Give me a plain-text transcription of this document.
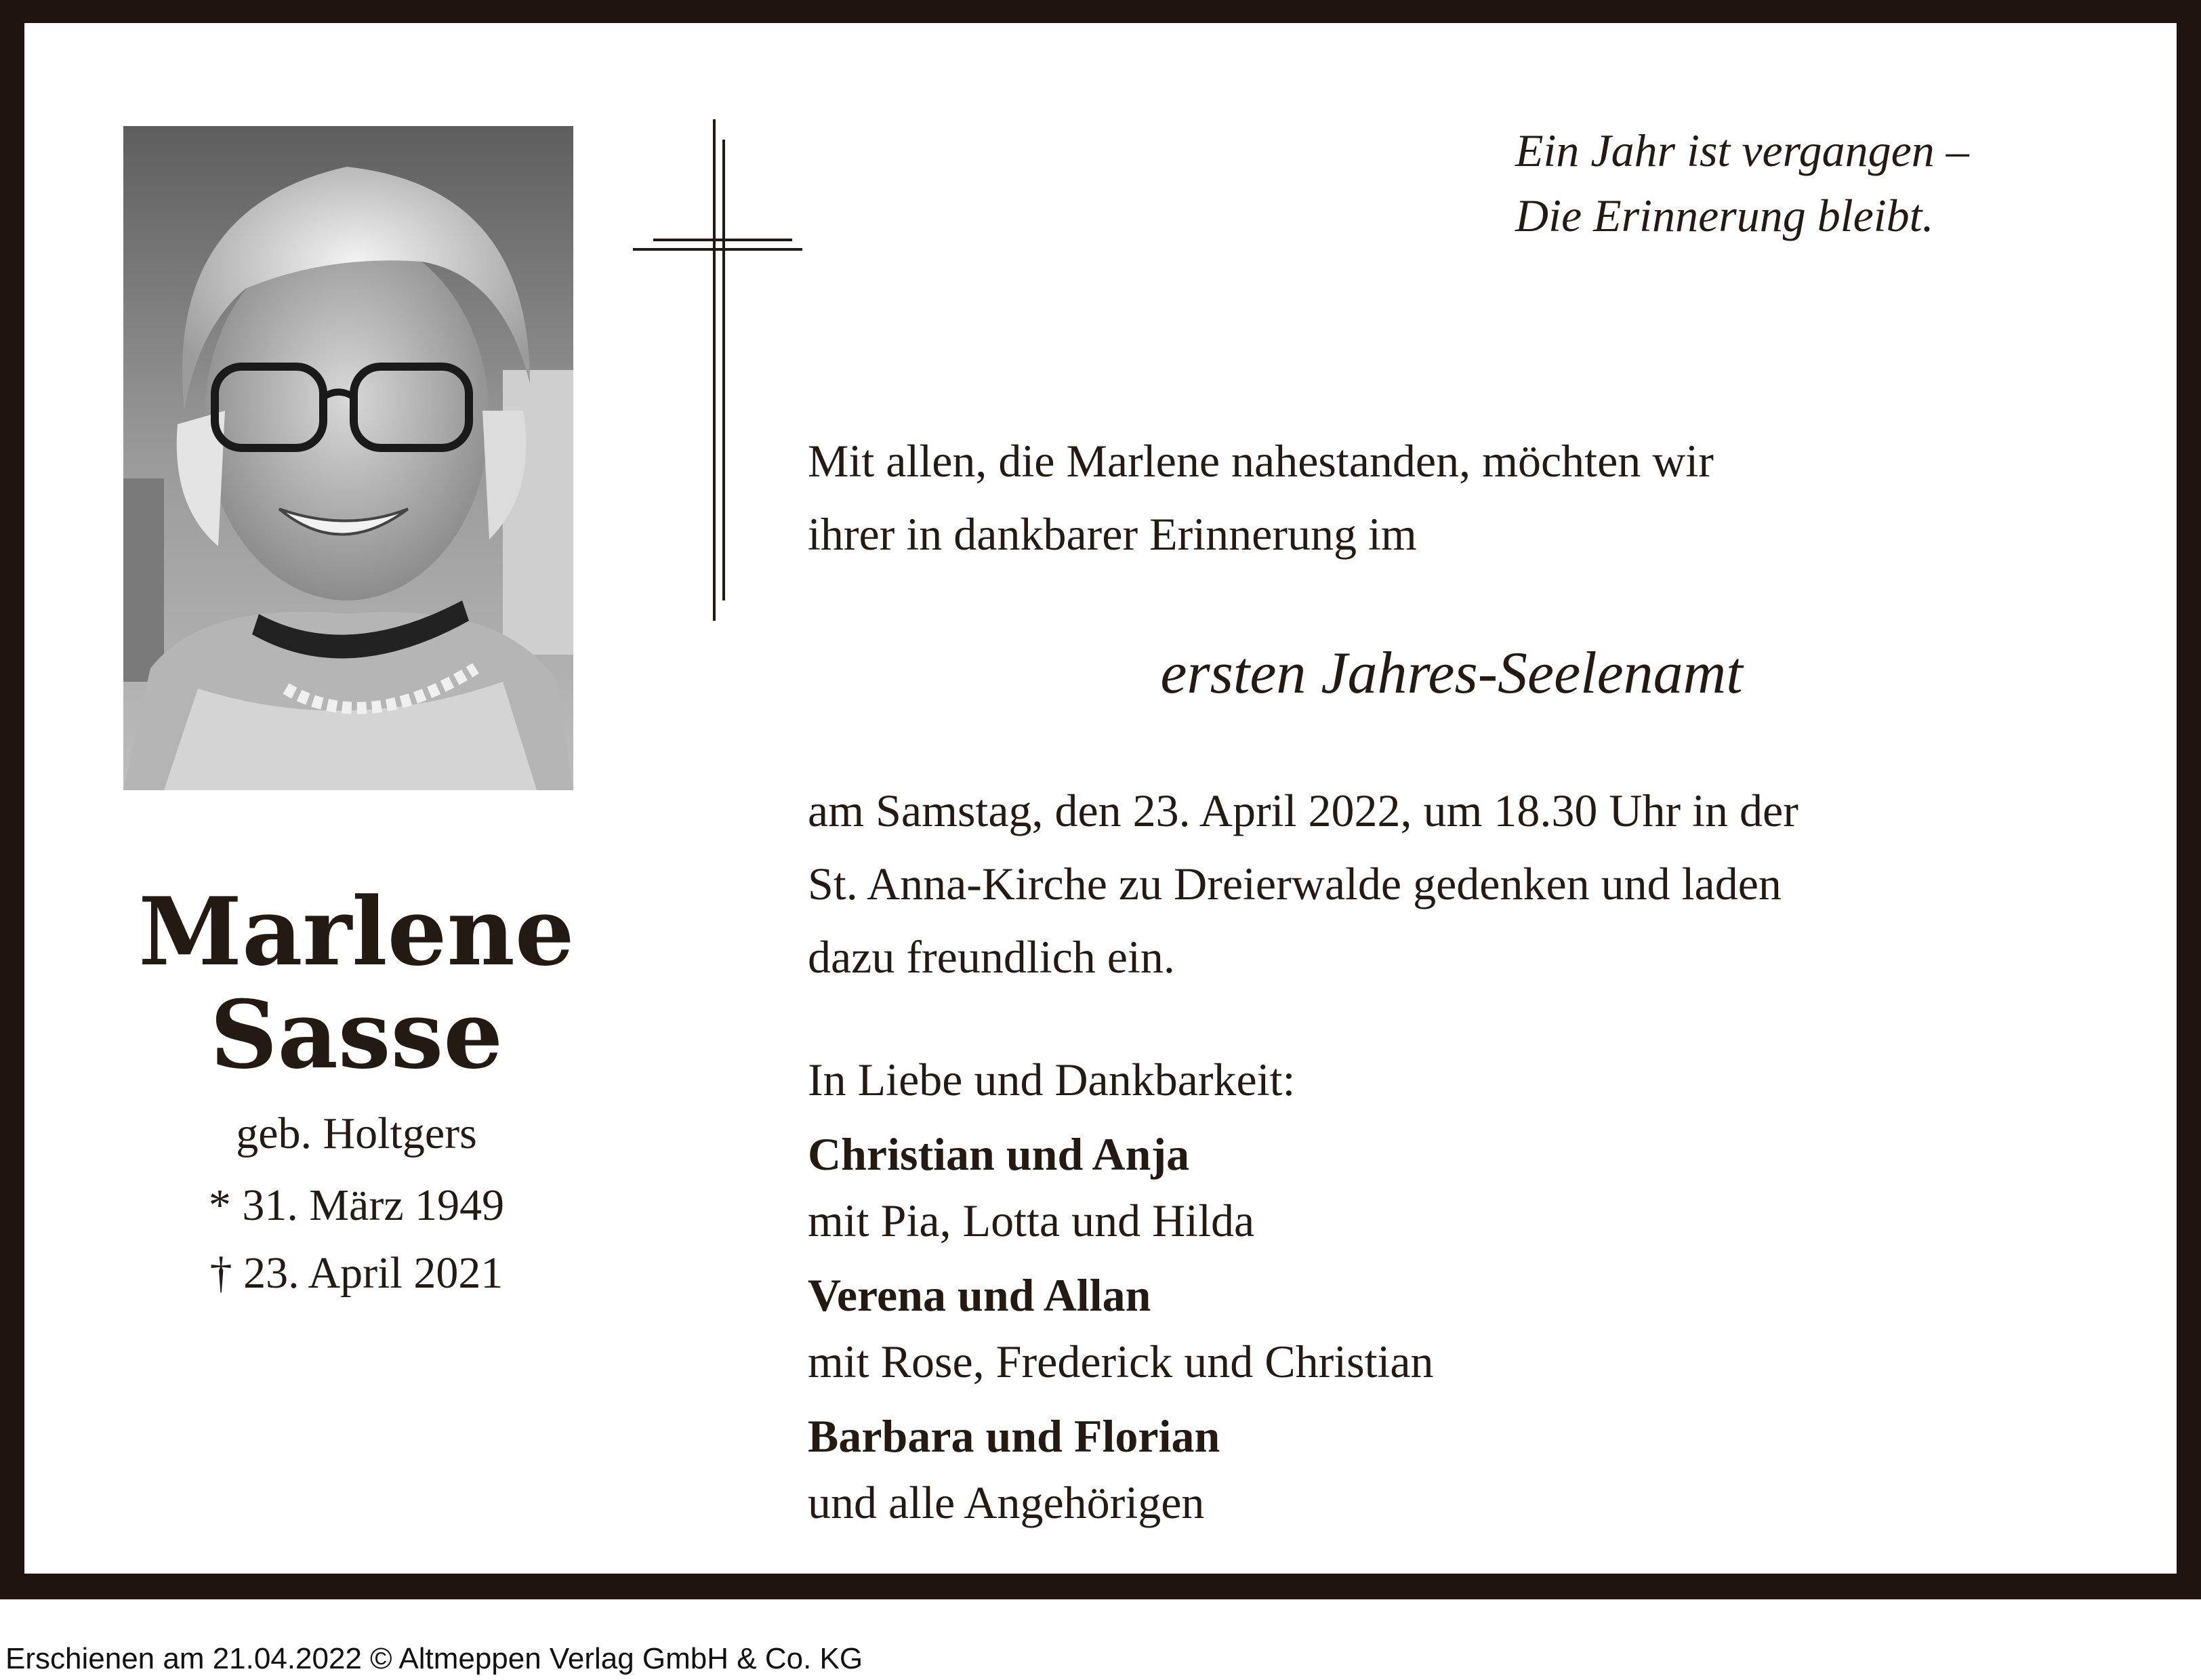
Ein Jahr ist vergangen –
Die Erinnerung bleibt.
Marlene
Sasse
geb. Holtgers
* 31. März 1949
† 23. April 2021
Mit allen, die Marlene nahestanden, möchten wir
ihrer in dankbarer Erinnerung im
ersten Jahres-Seelenamt
am Samstag, den 23. April 2022, um 18.30 Uhr in der
St. Anna-Kirche zu Dreierwalde gedenken und laden
dazu freundlich ein.
In Liebe und Dankbarkeit:
Christian und Anja
mit Pia, Lotta und Hilda
Verena und Allan
mit Rose, Frederick und Christian
Barbara und Florian
und alle Angehörigen
Erschienen am 21.04.2022 © Altmeppen Verlag GmbH & Co. KG
